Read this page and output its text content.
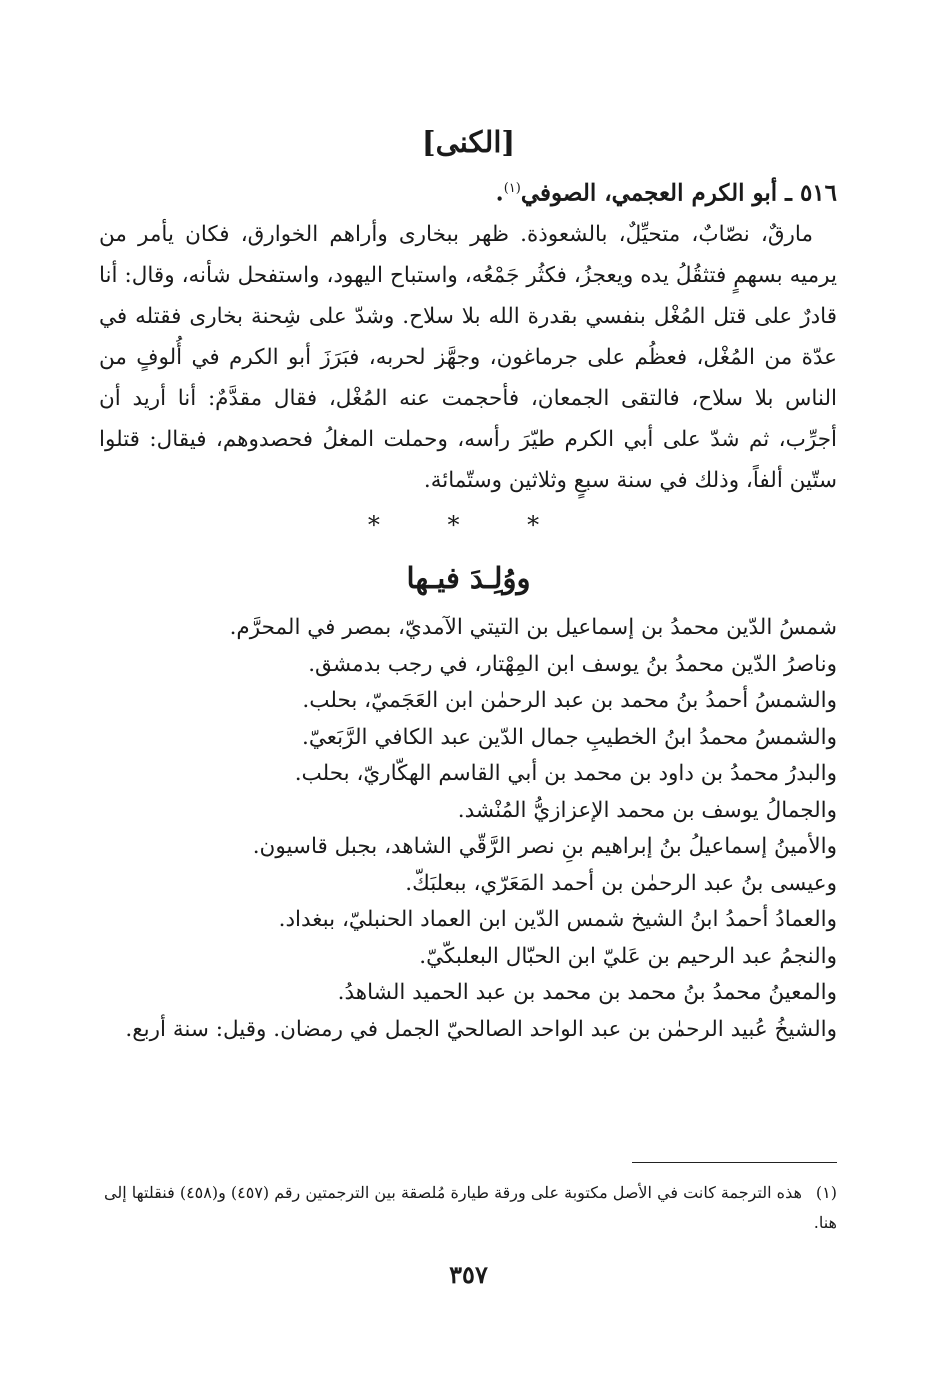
[الكنى]
٥١٦ ـ أبو الكرم العجمي، الصوفي$^{(١)}$.

مارقٌ، نصّابٌ، متحيِّلٌ، بالشعوذة. ظهر ببخارى وأراهم الخوارق، فكان يأمر من يرميه بسهمٍ فتثقُلُ يده ويعجزُ، فكثُر جَمْعُه، واستباح اليهود، واستفحل شأنه، وقال: أنا قادرٌ على قتل المُغْل بنفسي بقدرة الله بلا سلاح. وشدّ على شِحنة بخارى فقتله في عدّة من المُغْل، فعظُم على جرماغون، وجهَّز لحربه، فبَرَزَ أبو الكرم في أُلوفٍ من الناس بلا سلاح، فالتقى الجمعان، فأحجمت عنه المُغْل، فقال مقدَّمٌ: أنا أريد أن أجرِّب، ثم شدّ على أبي الكرم طيّرَ رأسه، وحملت المغلُ فحصدوهم، فيقال: قتلوا ستّين ألفاً، وذلك في سنة سبعٍ وثلاثين وستّمائة.

* * *
ووُلِـدَ فيـها
شمسُ الدّين محمدُ بن إسماعيل بن التيتي الآمديّ، بمصر في المحرَّم.
وناصرُ الدّين محمدُ بنُ يوسف ابن المِهْتار، في رجب بدمشق.
والشمسُ أحمدُ بنُ محمد بن عبد الرحمٰن ابن العَجَميّ، بحلب.
والشمسُ محمدُ ابنُ الخطيبِ جمال الدّين عبد الكافي الرَّبَعيّ.
والبدرُ محمدُ بن داود بن محمد بن أبي القاسم الهكّاريّ، بحلب.
والجمالُ يوسف بن محمد الإعزازيُّ المُنْشد.
والأمينُ إسماعيلُ بنُ إبراهيم بنِ نصر الرَّقّي الشاهد، بجبل قاسيون.
وعيسى بنُ عبد الرحمٰن بن أحمد المَعَرّي، ببعلبَكّ.
والعمادُ أحمدُ ابنُ الشيخ شمس الدّين ابن العماد الحنبليّ، ببغداد.
والنجمُ عبد الرحيم بن عَليّ ابن الحبّال البعلبكّيّ.
والمعينُ محمدُ بنُ محمد بن محمد بن عبد الحميد الشاهدُ.
والشيخُ عُبيد الرحمٰن بن عبد الواحد الصالحيّ الجمل في رمضان. وقيل: سنة أربع.
(١)هذه الترجمة كانت في الأصل مكتوبة على ورقة طيارة مُلصقة بين الترجمتين رقم (٤٥٧) و(٤٥٨) فنقلتها إلى هنا.
٣٥٧
